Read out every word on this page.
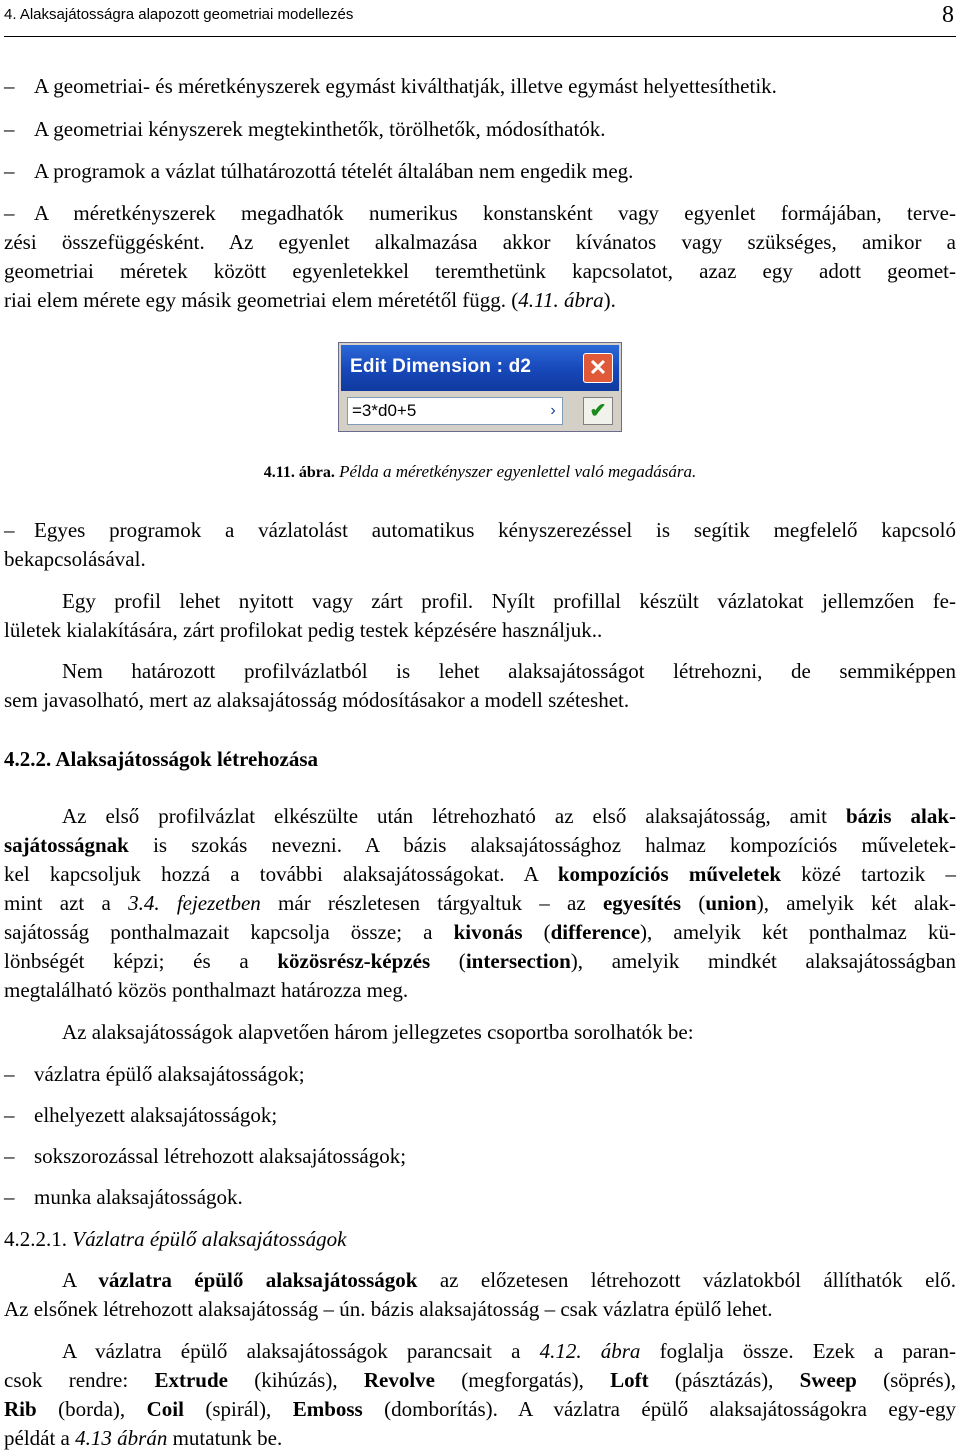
4. Alaksajátosságra alapozott geometriai modellezés	8
– A geometriai- és méretkényszerek egymást kiválthatják, illetve egymást helyettesíthetik.
– A geometriai kényszerek megtekinthetők, törölhetők, módosíthatók.
– A programok a vázlat túlhatározottá tételét általában nem engedik meg.
– A méretkényszerek megadhatók numerikus konstansként vagy egyenlet formájában, terve-
zési összefüggésként. Az egyenlet alkalmazása akkor kívánatos vagy szükséges, amikor a
geometriai méretek között egyenletekkel teremthetünk kapcsolatot, azaz egy adott geomet-
riai elem mérete egy másik geometriai elem méretétől függ. (4.11. ábra).
Edit Dimension : d2	✕
=3*d0+5	›	✔
4.11. ábra. Példa a méretkényszer egyenlettel való megadására.
– Egyes programok a vázlatolást automatikus kényszerezéssel is segítik megfelelő kapcsoló
bekapcsolásával.
Egy profil lehet nyitott vagy zárt profil. Nyílt profillal készült vázlatokat jellemzően fe-
lületek kialakítására, zárt profilokat pedig testek képzésére használjuk..
Nem határozott profilvázlatból is lehet alaksajátosságot létrehozni, de semmiképpen
sem javasolható, mert az alaksajátosság módosításakor a modell széteshet.
4.2.2. Alaksajátosságok létrehozása
Az első profilvázlat elkészülte után létrehozható az első alaksajátosság, amit bázis alak-
sajátosságnak is szokás nevezni. A bázis alaksajátossághoz halmaz kompozíciós műveletek-
kel kapcsoljuk hozzá a további alaksajátosságokat. A kompozíciós műveletek közé tartozik –
mint azt a 3.4. fejezetben már részletesen tárgyaltuk – az egyesítés (union), amelyik két alak-
sajátosság ponthalmazait kapcsolja össze; a kivonás (difference), amelyik két ponthalmaz kü-
lönbségét képzi; és a közösrész-képzés (intersection), amelyik mindkét alaksajátosságban
megtalálható közös ponthalmazt határozza meg.
Az alaksajátosságok alapvetően három jellegzetes csoportba sorolhatók be:
– vázlatra épülő alaksajátosságok;
– elhelyezett alaksajátosságok;
– sokszorozással létrehozott alaksajátosságok;
– munka alaksajátosságok.
4.2.2.1. Vázlatra épülő alaksajátosságok
A vázlatra épülő alaksajátosságok az előzetesen létrehozott vázlatokból állíthatók elő.
Az elsőnek létrehozott alaksajátosság – ún. bázis alaksajátosság – csak vázlatra épülő lehet.
A vázlatra épülő alaksajátosságok parancsait a 4.12. ábra foglalja össze. Ezek a paran-
csok rendre: Extrude (kihúzás), Revolve (megforgatás), Loft (pásztázás), Sweep (söprés),
Rib (borda), Coil (spirál), Emboss (domborítás). A vázlatra épülő alaksajátosságokra egy-egy
példát a 4.13 ábrán mutatunk be.
